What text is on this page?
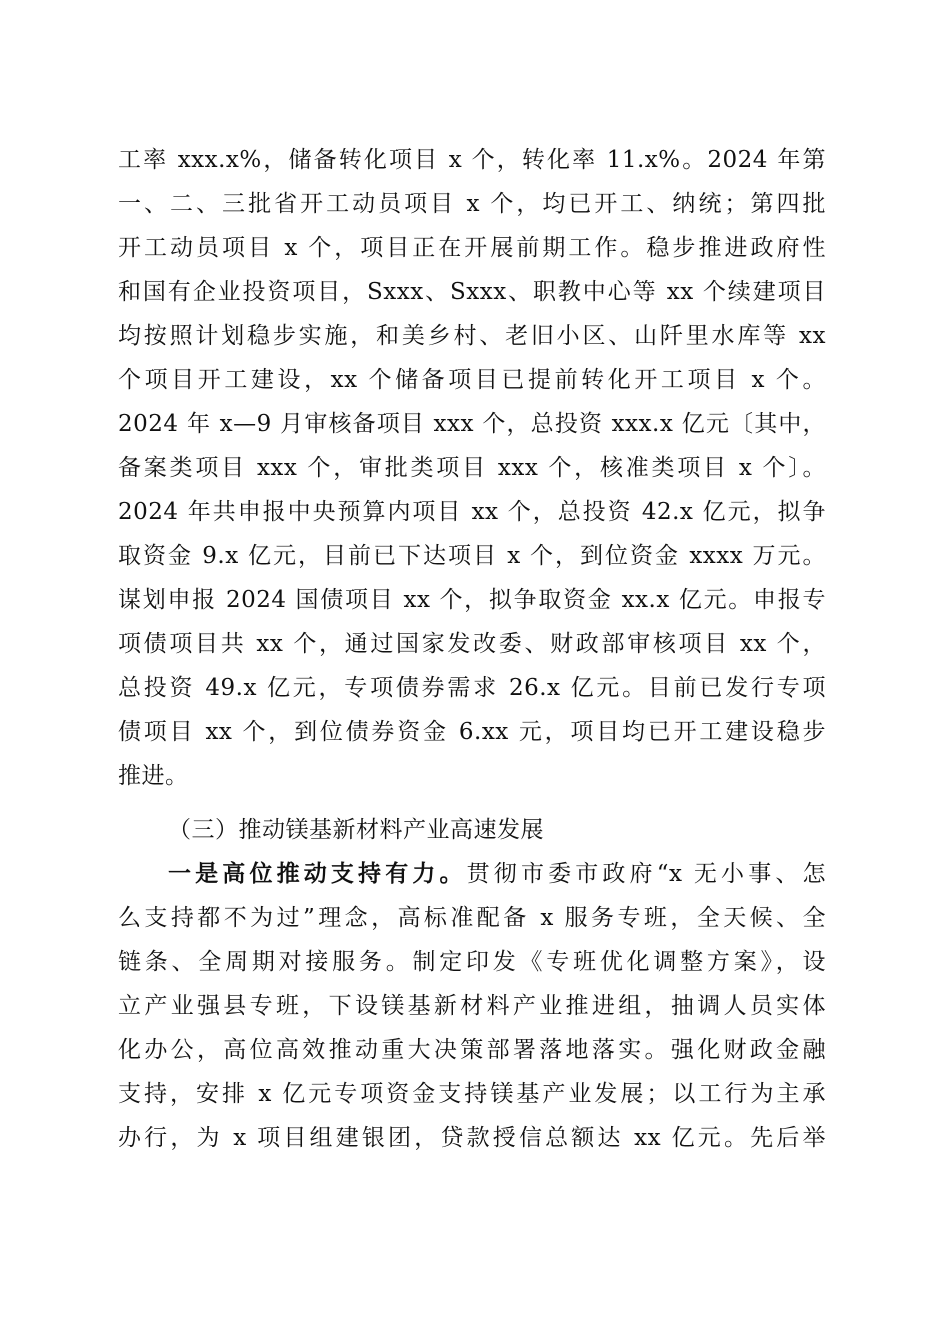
工率 xxx.x%，储备转化项目 x 个，转化率 11.x%。2024 年第
一、二、三批省开工动员项目 x 个，均已开工、纳统；第四批
开工动员项目 x 个，项目正在开展前期工作。稳步推进政府性
和国有企业投资项目，Sxxx、Sxxx、职教中心等 xx 个续建项目
均按照计划稳步实施，和美乡村、老旧小区、山阡里水库等 xx
个项目开工建设，xx 个储备项目已提前转化开工项目 x 个。
2024 年 x—9 月审核备项目 xxx 个，总投资 xxx.x 亿元〔其中，
备案类项目 xxx 个，审批类项目 xxx 个，核准类项目 x 个〕。
2024 年共申报中央预算内项目 xx 个，总投资 42.x 亿元，拟争
取资金 9.x 亿元，目前已下达项目 x 个，到位资金 xxxx 万元。
谋划申报 2024 国债项目 xx 个，拟争取资金 xx.x 亿元。申报专
项债项目共 xx 个，通过国家发改委、财政部审核项目 xx 个，
总投资 49.x 亿元，专项债券需求 26.x 亿元。目前已发行专项
债项目 xx 个，到位债券资金 6.xx 元，项目均已开工建设稳步
推进。
（三）推动镁基新材料产业高速发展
一是高位推动支持有力。贯彻市委市政府“x 无小事、怎
么支持都不为过”理念，高标准配备 x 服务专班，全天候、全
链条、全周期对接服务。制定印发《专班优化调整方案》，设
立产业强县专班，下设镁基新材料产业推进组，抽调人员实体
化办公，高位高效推动重大决策部署落地落实。强化财政金融
支持，安排 x 亿元专项资金支持镁基产业发展；以工行为主承
办行，为 x 项目组建银团，贷款授信总额达 xx 亿元。先后举
